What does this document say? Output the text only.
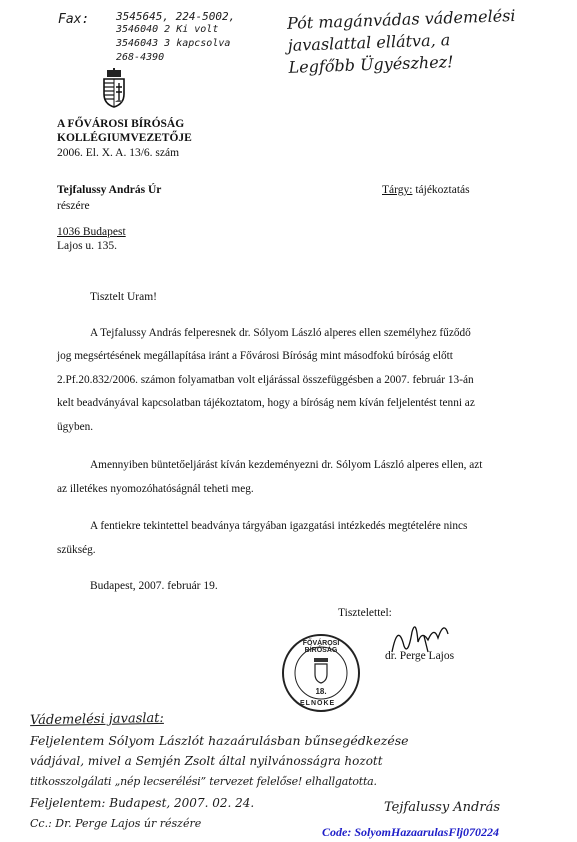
Fax: 3545645, 224-5002,
3546040 2 Ki volt
3546043 3 kapcsolva
268-4390
Pót magánvádas vádemelési
javaslattal ellátva, a
Legfőbb Ügyészhez!
A FŐVÁROSI BÍRÓSÁG
KOLLÉGIUMVEZETŐJE
2006. El. X. A. 13/6. szám
Tejfalussy András Úr
részére
1036 Budapest
Lajos u. 135.
Tárgy: tájékoztatás
Tisztelt Uram!
A Tejfalussy András felperesnek dr. Sólyom László alperes ellen személyhez fűződő
jog megsértésének megállapítása iránt a Fővárosi Bíróság mint másodfokú bíróság előtt
2.Pf.20.832/2006. számon folyamatban volt eljárással összefüggésben a 2007. február 13-án
kelt beadványával kapcsolatban tájékoztatom, hogy a bíróság nem kíván feljelentést tenni az
ügyben.
Amennyiben büntetőeljárást kíván kezdeményezni dr. Sólyom László alperes ellen, azt
az illetékes nyomozóhatóságnál teheti meg.
A fentiekre tekintettel beadványa tárgyában igazgatási intézkedés megtételére nincs
szükség.
Budapest, 2007. február 19.
Tisztelettel:
18.
FŐVÁROSI BÍRÓSÁG
ELNÖKE
dr. Perge Lajos
Vádemelési javaslat:
Feljelentem Sólyom Lászlót hazaárulásban bűnsegédkezése
vádjával, mivel a Semjén Zsolt által nyilvánosságra hozott
titkosszolgálati „nép lecserélési” tervezet felelőse! elhallgatotta.
Feljelentem: Budapest, 2007. 02. 24.
Cc.: Dr. Perge Lajos úr részére
Tejfalussy András
Code: SolyomHazaarulasFlj070224
